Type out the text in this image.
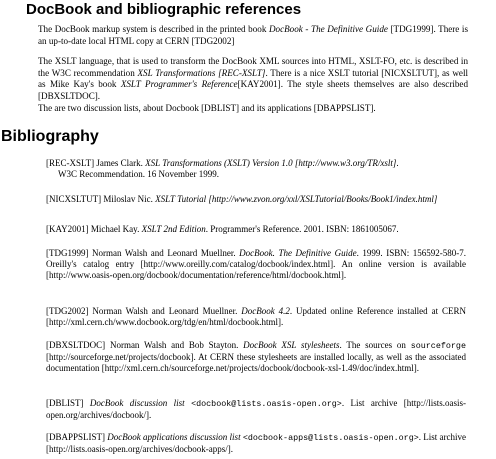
DocBook and bibliographic references
The DocBook markup system is described in the printed book DocBook - The Definitive Guide [TDG1999]. There is an up-to-date local HTML copy at CERN [TDG2002]
The XSLT language, that is used to transform the DocBook XML sources into HTML, XSLT-FO, etc. is described in the W3C recommendation XSL Transformations [REC-XSLT]. There is a nice XSLT tutorial [NICXSLTUT], as well as Mike Kay's book XSLT Programmer's Reference[KAY2001]. The style sheets themselves are also described [DBXSLTDOC].
The are two discussion lists, about Docbook [DBLIST] and its applications [DBAPPSLIST].
Bibliography
[REC-XSLT] James Clark. XSL Transformations (XSLT) Version 1.0 [http://www.w3.org/TR/xslt].
W3C Recommendation. 16 November 1999.
[NICXSLTUT] Miloslav Nic. XSLT Tutorial [http://www.zvon.org/xxl/XSLTutorial/Books/Book1/index.html]
[KAY2001] Michael Kay. XSLT 2nd Edition. Programmer's Reference. 2001. ISBN: 1861005067.
[TDG1999] Norman Walsh and Leonard Muellner. DocBook. The Definitive Guide. 1999. ISBN: 156592-580-7. Oreilly's catalog entry [http://www.oreilly.com/catalog/docbook/index.html]. An online version is available [http://www.oasis-open.org/docbook/documentation/reference/html/docbook.html].
[TDG2002] Norman Walsh and Leonard Muellner. DocBook 4.2. Updated online Reference installed at CERN [http://xml.cern.ch/www.docbook.org/tdg/en/html/docbook.html].
[DBXSLTDOC] Norman Walsh and Bob Stayton. DocBook XSL stylesheets. The sources on sourceforge [http://sourceforge.net/projects/docbook]. At CERN these stylesheets are installed locally, as well as the associated documentation [http://xml.cern.ch/sourceforge.net/projects/docbook/docbook-xsl-1.49/doc/index.html].
[DBLIST] DocBook discussion list <docbook@lists.oasis-open.org>. List archive [http://lists.oasis-open.org/archives/docbook/].
[DBAPPSLIST] DocBook applications discussion list <docbook-apps@lists.oasis-open.org>. List archive [http://lists.oasis-open.org/archives/docbook-apps/].
